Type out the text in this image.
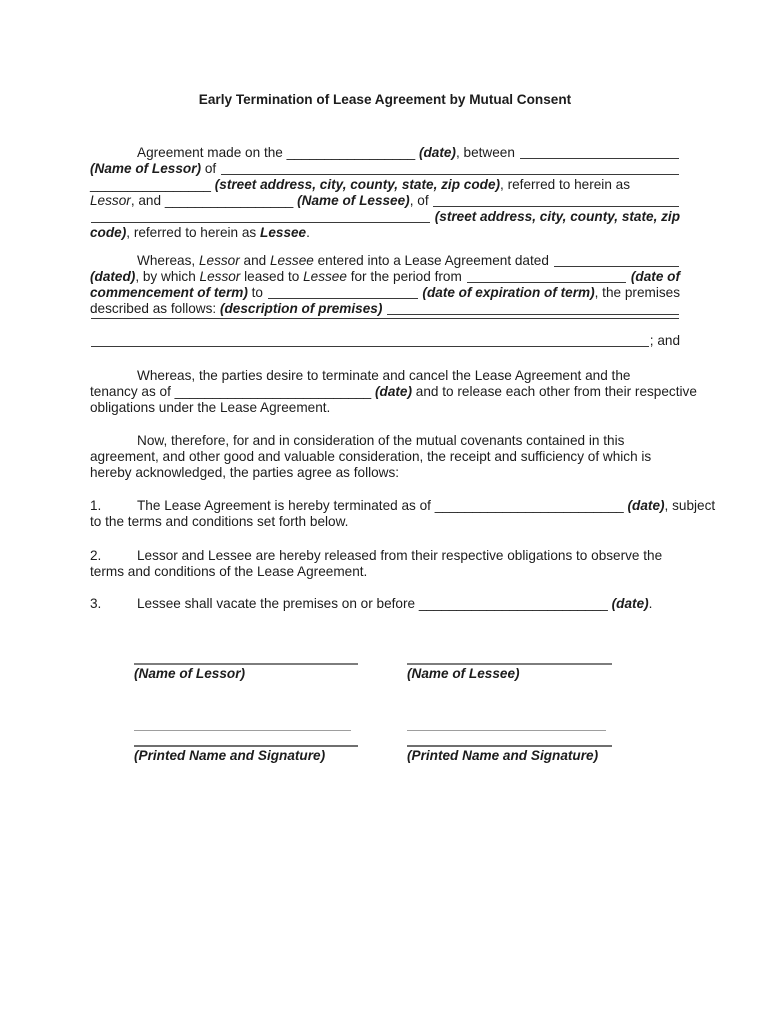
Early Termination of Lease Agreement by Mutual Consent
Agreement made on the _________________
(date) , between
(Name of Lessor) of
________________
(street address, city, county, state, zip code) , referred to herein as
Lessor , and _________________
(Name of Lessee) , of

(street address, city, county, state, zip
code) , referred to herein as Lessee .
Whereas, Lessor and Lessee entered into a Lease Agreement dated
(dated) , by which Lessor leased to Lessee for the period from
	(date of
commencement of term) to
	(date of expiration of term) , the premises
described as follows: (description of premises)

; and
Whereas, the parties desire to terminate and cancel the Lease Agreement and the
tenancy as of __________________________
(date) and to release each other from their respective
obligations under the Lease Agreement.
Now, therefore, for and in consideration of the mutual covenants contained in this
agreement, and other good and valuable consideration, the receipt and sufficiency of which is
hereby acknowledged, the parties agree as follows:
1.	The Lease Agreement is hereby terminated as of _________________________
(date) , subject
to the terms and conditions set forth below.
2.	Lessor and Lessee are hereby released from their respective obligations to observe the
terms and conditions of the Lease Agreement.
3.	Lessee shall vacate the premises on or before _________________________
(date) .
(Name of Lessor)	(Name of Lessee)
(Printed Name and Signature)	(Printed Name and Signature)
